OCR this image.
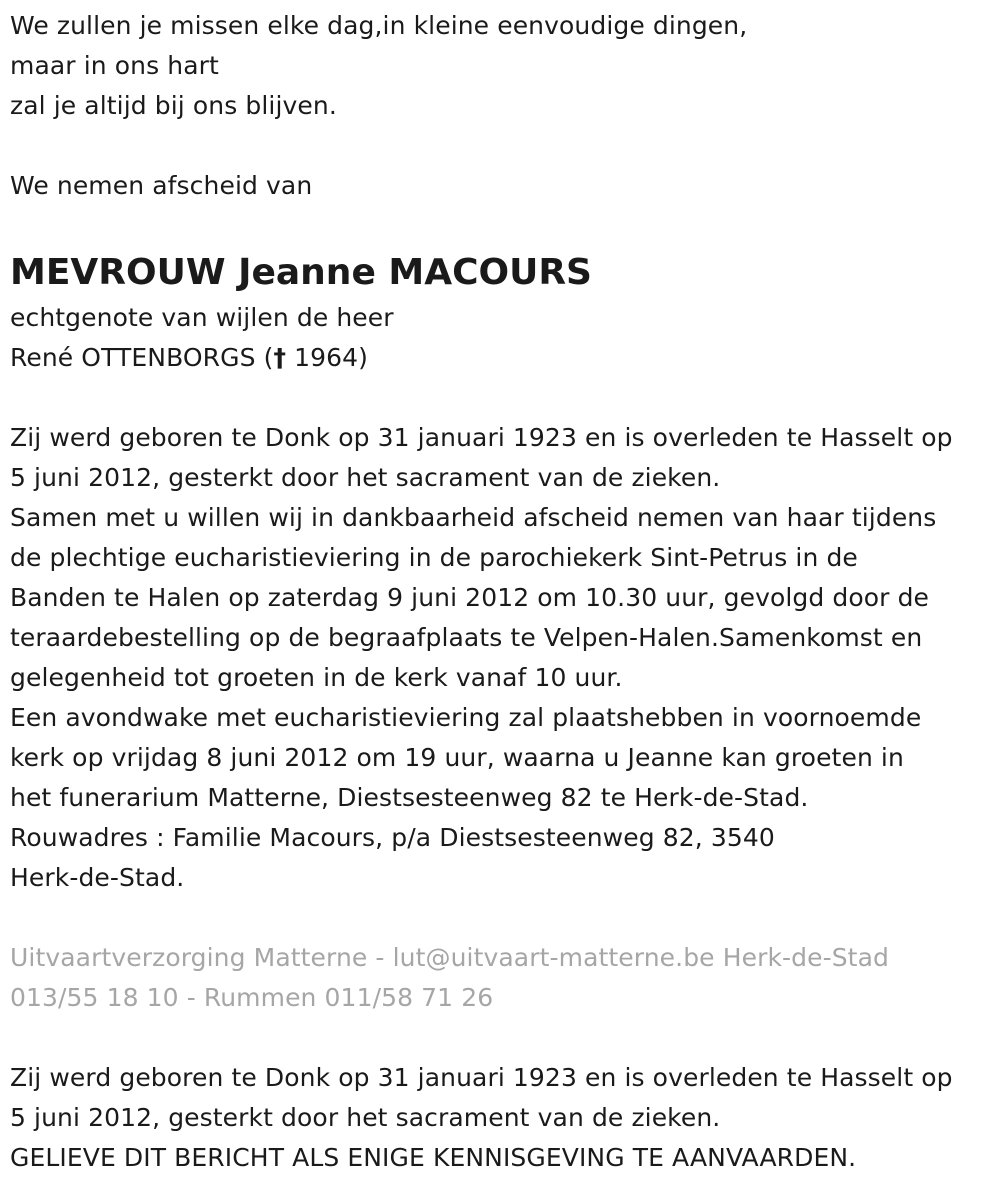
We zullen je missen elke dag,in kleine eenvoudige dingen,
maar in ons hart
zal je altijd bij ons blijven.
We nemen afscheid van
MEVROUW Jeanne MACOURS
echtgenote van wijlen de heer
René OTTENBORGS († 1964)
Zij werd geboren te Donk op 31 januari 1923 en is overleden te Hasselt op
5 juni 2012, gesterkt door het sacrament van de zieken.
Samen met u willen wij in dankbaarheid afscheid nemen van haar tijdens
de plechtige eucharistieviering in de parochiekerk Sint-Petrus in de
Banden te Halen op zaterdag 9 juni 2012 om 10.30 uur, gevolgd door de
teraardebestelling op de begraafplaats te Velpen-Halen.Samenkomst en
gelegenheid tot groeten in de kerk vanaf 10 uur.
Een avondwake met eucharistieviering zal plaatshebben in voornoemde
kerk op vrijdag 8 juni 2012 om 19 uur, waarna u Jeanne kan groeten in
het funerarium Matterne, Diestsesteenweg 82 te Herk-de-Stad.
Rouwadres : Familie Macours, p/a Diestsesteenweg 82, 3540
Herk-de-Stad.
Uitvaartverzorging Matterne - lut@uitvaart-matterne.be Herk-de-Stad
013/55 18 10 - Rummen 011/58 71 26
Zij werd geboren te Donk op 31 januari 1923 en is overleden te Hasselt op
5 juni 2012, gesterkt door het sacrament van de zieken.
GELIEVE DIT BERICHT ALS ENIGE KENNISGEVING TE AANVAARDEN.
